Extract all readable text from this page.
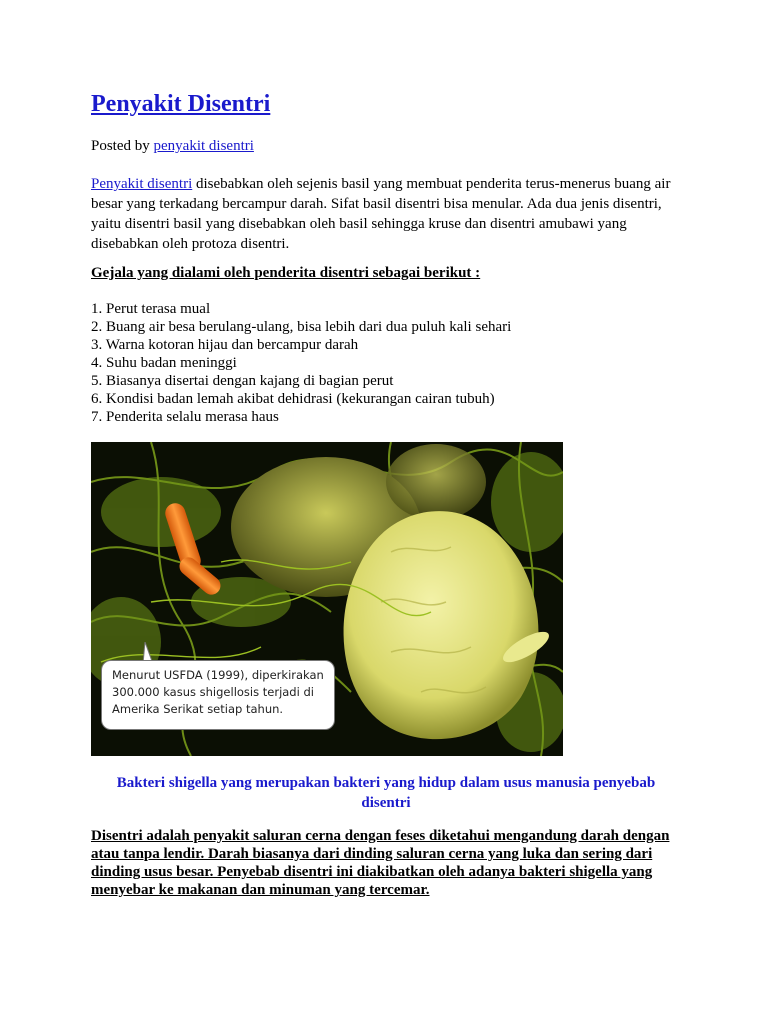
Penyakit Disentri
Posted by penyakit disentri
Penyakit disentri disebabkan oleh sejenis basil yang membuat penderita terus-menerus buang air besar yang terkadang bercampur darah. Sifat basil disentri bisa menular. Ada dua jenis disentri, yaitu disentri basil yang disebabkan oleh basil sehingga kruse dan disentri amubawi yang disebabkan oleh protoza disentri.
Gejala yang dialami oleh penderita disentri sebagai berikut :
1. Perut terasa mual
2. Buang air besa berulang-ulang, bisa lebih dari dua puluh kali sehari
3. Warna kotoran hijau dan bercampur darah
4. Suhu badan meninggi
5. Biasanya disertai dengan kajang di bagian perut
6. Kondisi badan lemah akibat dehidrasi (kekurangan cairan tubuh)
7. Penderita selalu merasa haus
Menurut USFDA (1999), diperkirakan
300.000 kasus shigellosis terjadi di
Amerika Serikat setiap tahun.
Bakteri shigella yang merupakan bakteri yang hidup dalam usus manusia penyebab disentri
Disentri adalah penyakit saluran cerna dengan feses diketahui mengandung darah dengan atau tanpa lendir. Darah biasanya dari dinding saluran cerna yang luka dan sering dari dinding usus besar. Penyebab disentri ini diakibatkan oleh adanya bakteri shigella yang menyebar ke makanan dan minuman yang tercemar.
